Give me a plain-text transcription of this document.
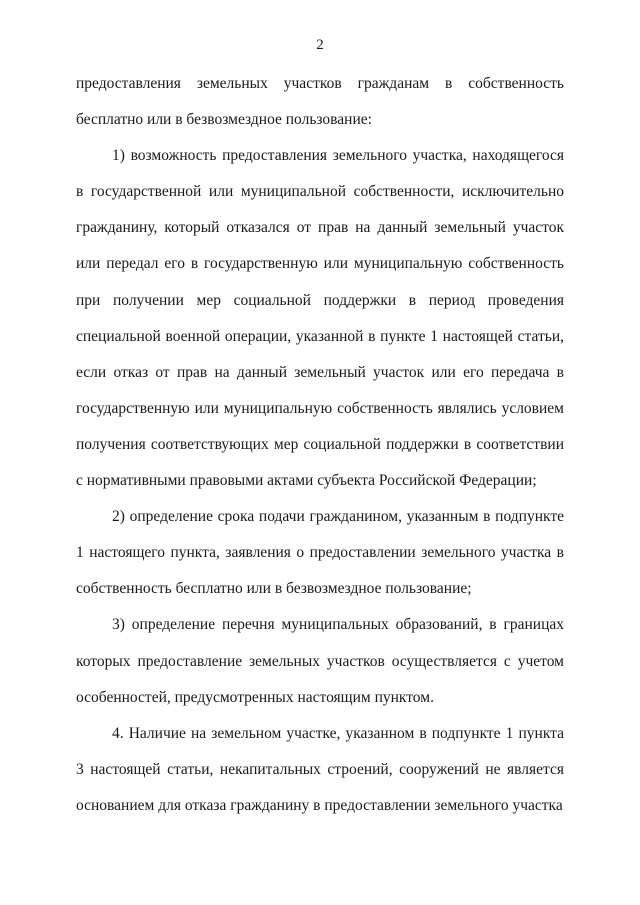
2

предоставления земельных участков гражданам в собственность бесплатно или в безвозмездное пользование:

1) возможность предоставления земельного участка, находящегося в государственной или муниципальной собственности, исключительно гражданину, который отказался от прав на данный земельный участок или передал его в государственную или муниципальную собственность при получении мер социальной поддержки в период проведения специальной военной операции, указанной в пункте 1 настоящей статьи, если отказ от прав на данный земельный участок или его передача в государственную или муниципальную собственность являлись условием получения соответствующих мер социальной поддержки в соответствии с нормативными правовыми актами субъекта Российской Федерации;

2) определение срока подачи гражданином, указанным в подпункте 1 настоящего пункта, заявления о предоставлении земельного участка в собственность бесплатно или в безвозмездное пользование;

3) определение перечня муниципальных образований, в границах которых предоставление земельных участков осуществляется с учетом особенностей, предусмотренных настоящим пунктом.

4. Наличие на земельном участке, указанном в подпункте 1 пункта 3 настоящей статьи, некапитальных строений, сооружений не является основанием для отказа гражданину в предоставлении земельного участка
